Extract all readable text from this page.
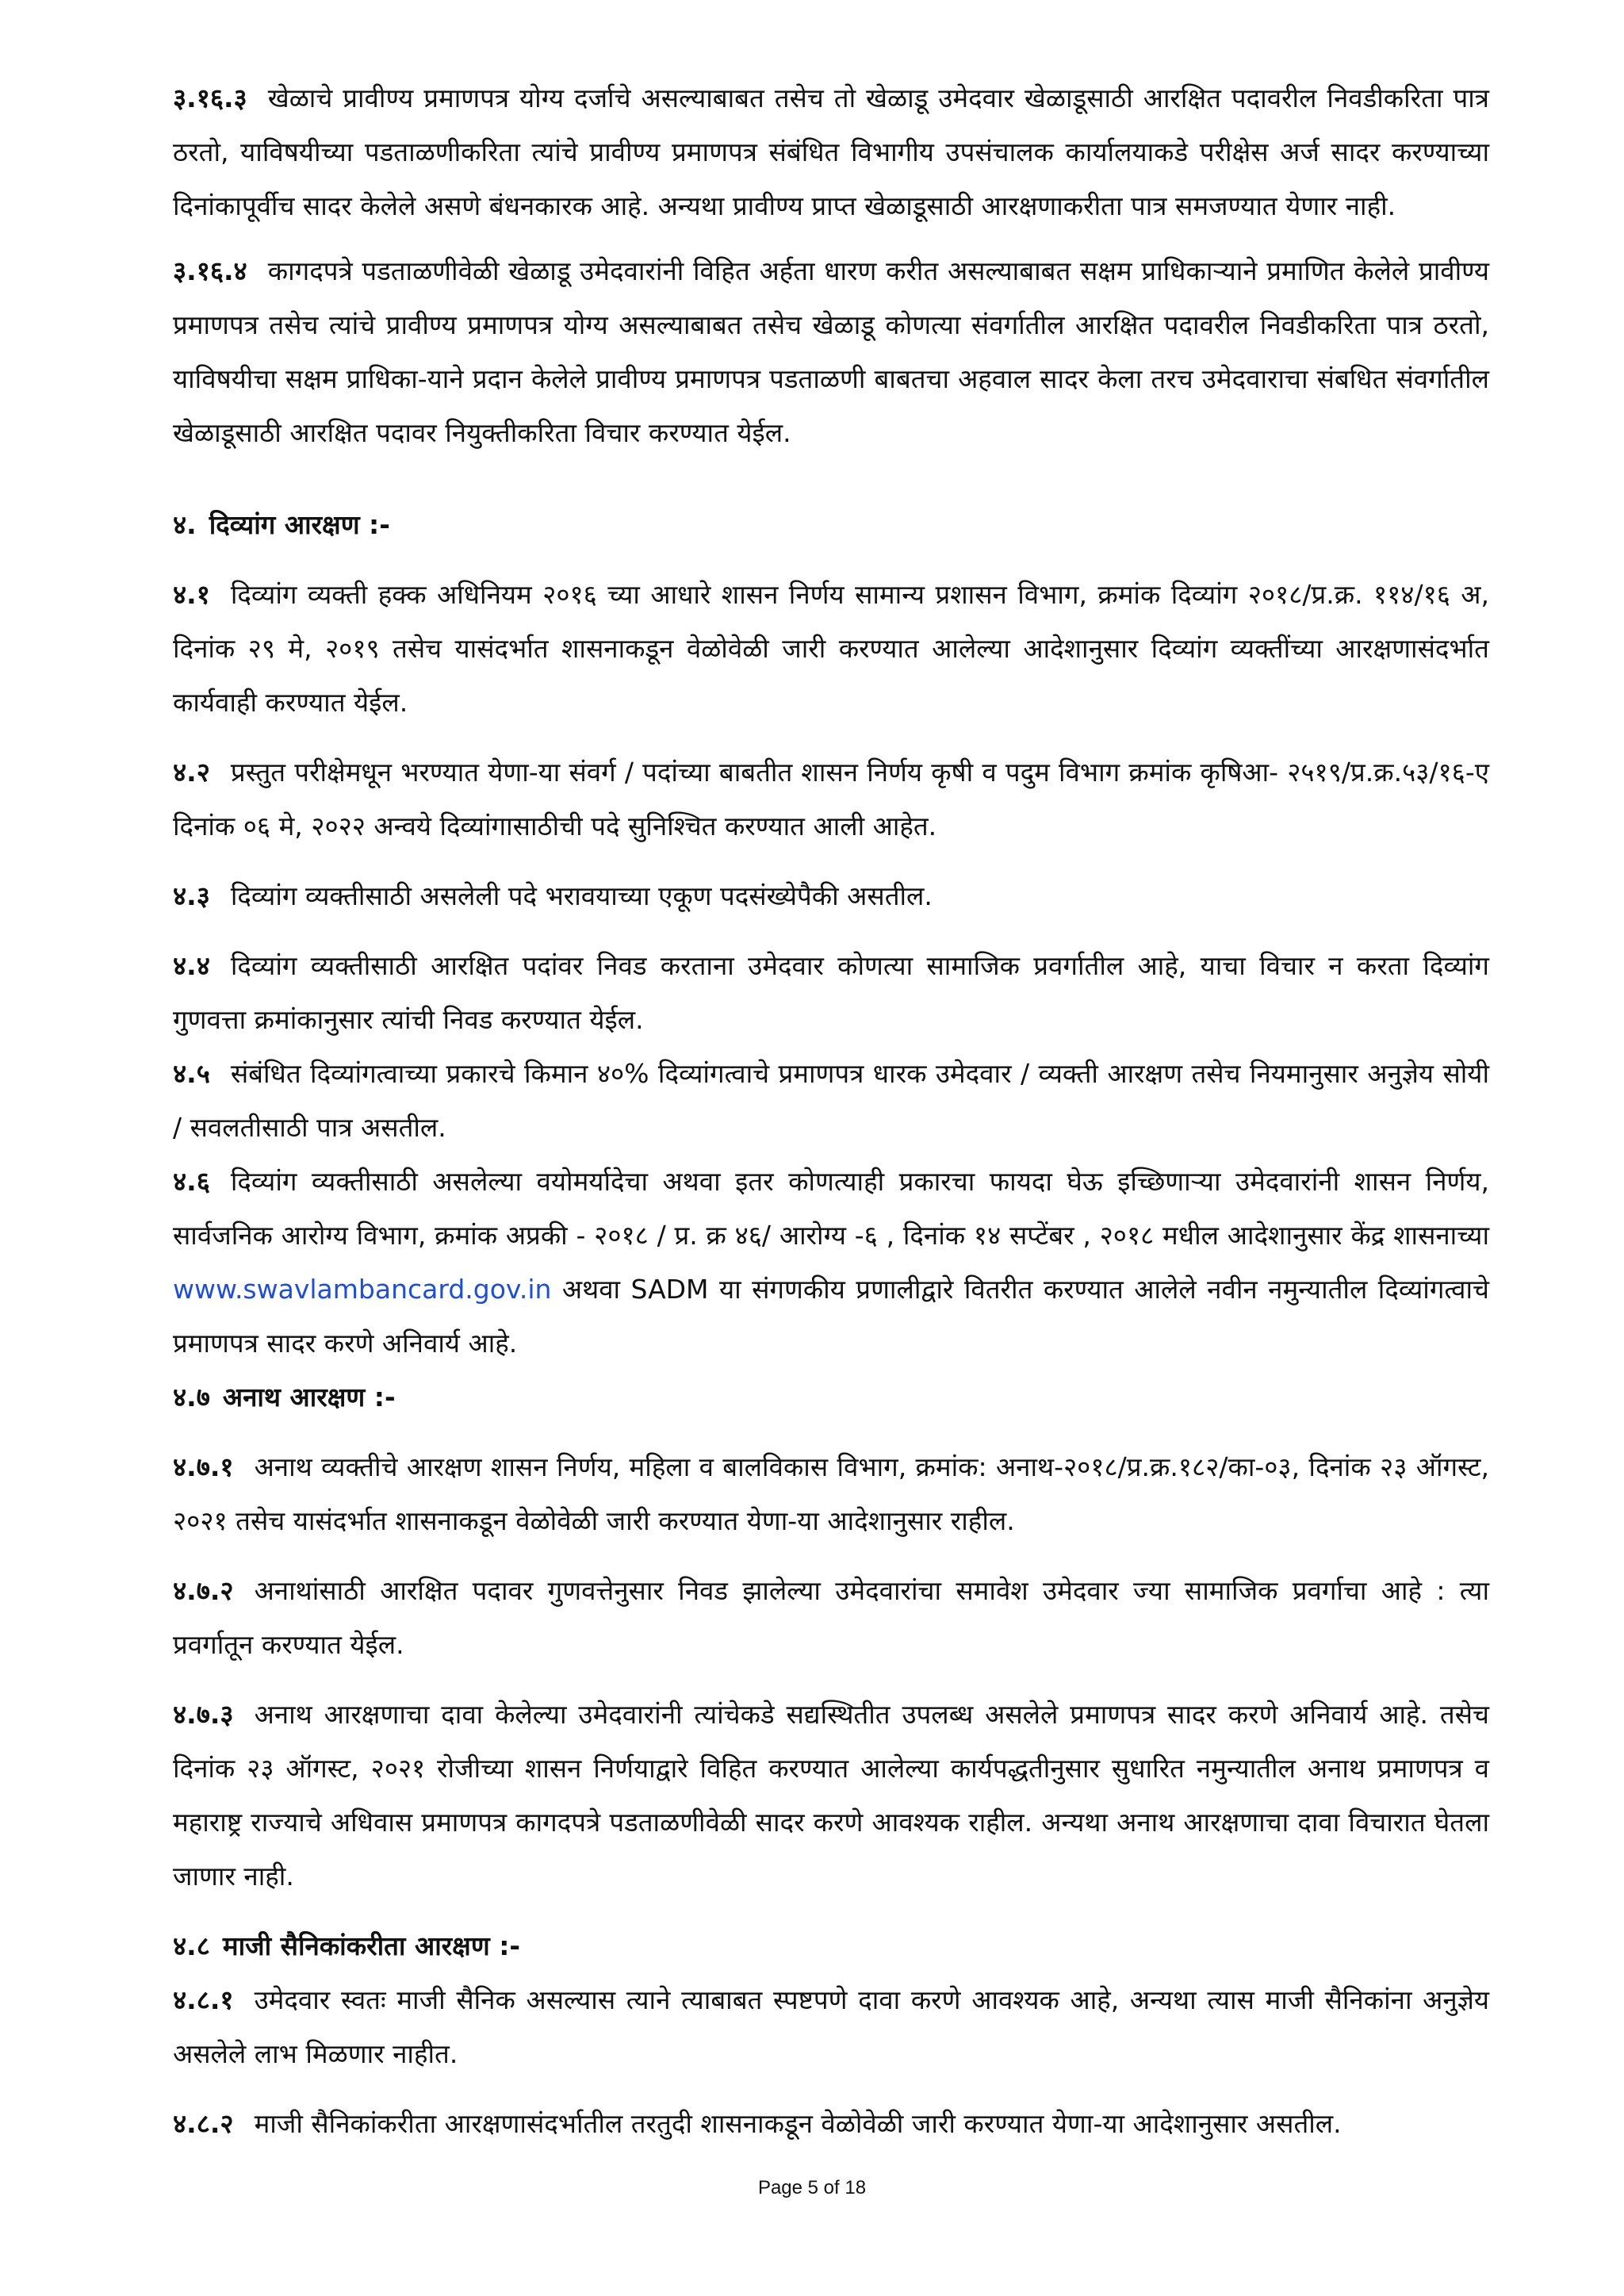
३.१६.३ खेळाचे प्रावीण्य प्रमाणपत्र योग्य दर्जाचे असल्याबाबत तसेच तो खेळाडू उमेदवार खेळाडूसाठी आरक्षित पदावरील निवडीकरिता पात्र ठरतो, याविषयीच्या पडताळणीकरिता त्यांचे प्रावीण्य प्रमाणपत्र संबंधित विभागीय उपसंचालक कार्यालयाकडे परीक्षेस अर्ज सादर करण्याच्या दिनांकापूर्वीच सादर केलेले असणे बंधनकारक आहे. अन्यथा प्रावीण्य प्राप्त खेळाडूसाठी आरक्षणाकरीता पात्र समजण्यात येणार नाही.

३.१६.४ कागदपत्रे पडताळणीवेळी खेळाडू उमेदवारांनी विहित अर्हता धारण करीत असल्याबाबत सक्षम प्राधिकाऱ्याने प्रमाणित केलेले प्रावीण्य प्रमाणपत्र तसेच त्यांचे प्रावीण्य प्रमाणपत्र योग्य असल्याबाबत तसेच खेळाडू कोणत्या संवर्गातील आरक्षित पदावरील निवडीकरिता पात्र ठरतो, याविषयीचा सक्षम प्राधिका-याने प्रदान केलेले प्रावीण्य प्रमाणपत्र पडताळणी बाबतचा अहवाल सादर केला तरच उमेदवाराचा संबधित संवर्गातील खेळाडूसाठी आरक्षित पदावर नियुक्तीकरिता विचार करण्यात येईल.

४. दिव्यांग आरक्षण :-

४.१ दिव्यांग व्यक्ती हक्क अधिनियम २०१६ च्या आधारे शासन निर्णय सामान्य प्रशासन विभाग, क्रमांक दिव्यांग २०१८/प्र.क्र. ११४/१६ अ, दिनांक २९ मे, २०१९ तसेच यासंदर्भात शासनाकडून वेळोवेळी जारी करण्यात आलेल्या आदेशानुसार दिव्यांग व्यक्तींच्या आरक्षणासंदर्भात कार्यवाही करण्यात येईल.

४.२ प्रस्तुत परीक्षेमधून भरण्यात येणा-या संवर्ग / पदांच्या बाबतीत शासन निर्णय कृषी व पदुम विभाग क्रमांक कृषिआ- २५१९/प्र.क्र.५३/१६-ए दिनांक ०६ मे, २०२२ अन्वये दिव्यांगासाठीची पदे सुनिश्चित करण्यात आली आहेत.

४.३ दिव्यांग व्यक्तीसाठी असलेली पदे भरावयाच्या एकूण पदसंख्येपैकी असतील.

४.४ दिव्यांग व्यक्तीसाठी आरक्षित पदांवर निवड करताना उमेदवार कोणत्या सामाजिक प्रवर्गातील आहे, याचा विचार न करता दिव्यांग गुणवत्ता क्रमांकानुसार त्यांची निवड करण्यात येईल.

४.५ संबंधित दिव्यांगत्वाच्या प्रकारचे किमान ४०% दिव्यांगत्वाचे प्रमाणपत्र धारक उमेदवार / व्यक्ती आरक्षण तसेच नियमानुसार अनुज्ञेय सोयी / सवलतीसाठी पात्र असतील.

४.६ दिव्यांग व्यक्तीसाठी असलेल्या वयोमर्यादेचा अथवा इतर कोणत्याही प्रकारचा फायदा घेऊ इच्छिणाऱ्या उमेदवारांनी शासन निर्णय, सार्वजनिक आरोग्य विभाग, क्रमांक अप्रकी - २०१८ / प्र. क्र ४६/ आरोग्य -६ , दिनांक १४ सप्टेंबर , २०१८ मधील आदेशानुसार केंद्र शासनाच्या www.swavlambancard.gov.in अथवा SADM या संगणकीय प्रणालीद्वारे वितरीत करण्यात आलेले नवीन नमुन्यातील दिव्यांगत्वाचे प्रमाणपत्र सादर करणे अनिवार्य आहे.

४.७ अनाथ आरक्षण :-

४.७.१ अनाथ व्यक्तीचे आरक्षण शासन निर्णय, महिला व बालविकास विभाग, क्रमांक: अनाथ-२०१८/प्र.क्र.१८२/का-०३, दिनांक २३ ऑगस्ट, २०२१ तसेच यासंदर्भात शासनाकडून वेळोवेळी जारी करण्यात येणा-या आदेशानुसार राहील.

४.७.२ अनाथांसाठी आरक्षित पदावर गुणवत्तेनुसार निवड झालेल्या उमेदवारांचा समावेश उमेदवार ज्या सामाजिक प्रवर्गाचा आहे : त्या प्रवर्गातून करण्यात येईल.

४.७.३ अनाथ आरक्षणाचा दावा केलेल्या उमेदवारांनी त्यांचेकडे सद्यस्थितीत उपलब्ध असलेले प्रमाणपत्र सादर करणे अनिवार्य आहे. तसेच दिनांक २३ ऑगस्ट, २०२१ रोजीच्या शासन निर्णयाद्वारे विहित करण्यात आलेल्या कार्यपद्धतीनुसार सुधारित नमुन्यातील अनाथ प्रमाणपत्र व महाराष्ट्र राज्याचे अधिवास प्रमाणपत्र कागदपत्रे पडताळणीवेळी सादर करणे आवश्यक राहील. अन्यथा अनाथ आरक्षणाचा दावा विचारात घेतला जाणार नाही.

४.८ माजी सैनिकांकरीता आरक्षण :-

४.८.१ उमेदवार स्वतः माजी सैनिक असल्यास त्याने त्याबाबत स्पष्टपणे दावा करणे आवश्यक आहे, अन्यथा त्यास माजी सैनिकांना अनुज्ञेय असलेले लाभ मिळणार नाहीत.

४.८.२ माजी सैनिकांकरीता आरक्षणासंदर्भातील तरतुदी शासनाकडून वेळोवेळी जारी करण्यात येणा-या आदेशानुसार असतील.

Page 5 of 18
